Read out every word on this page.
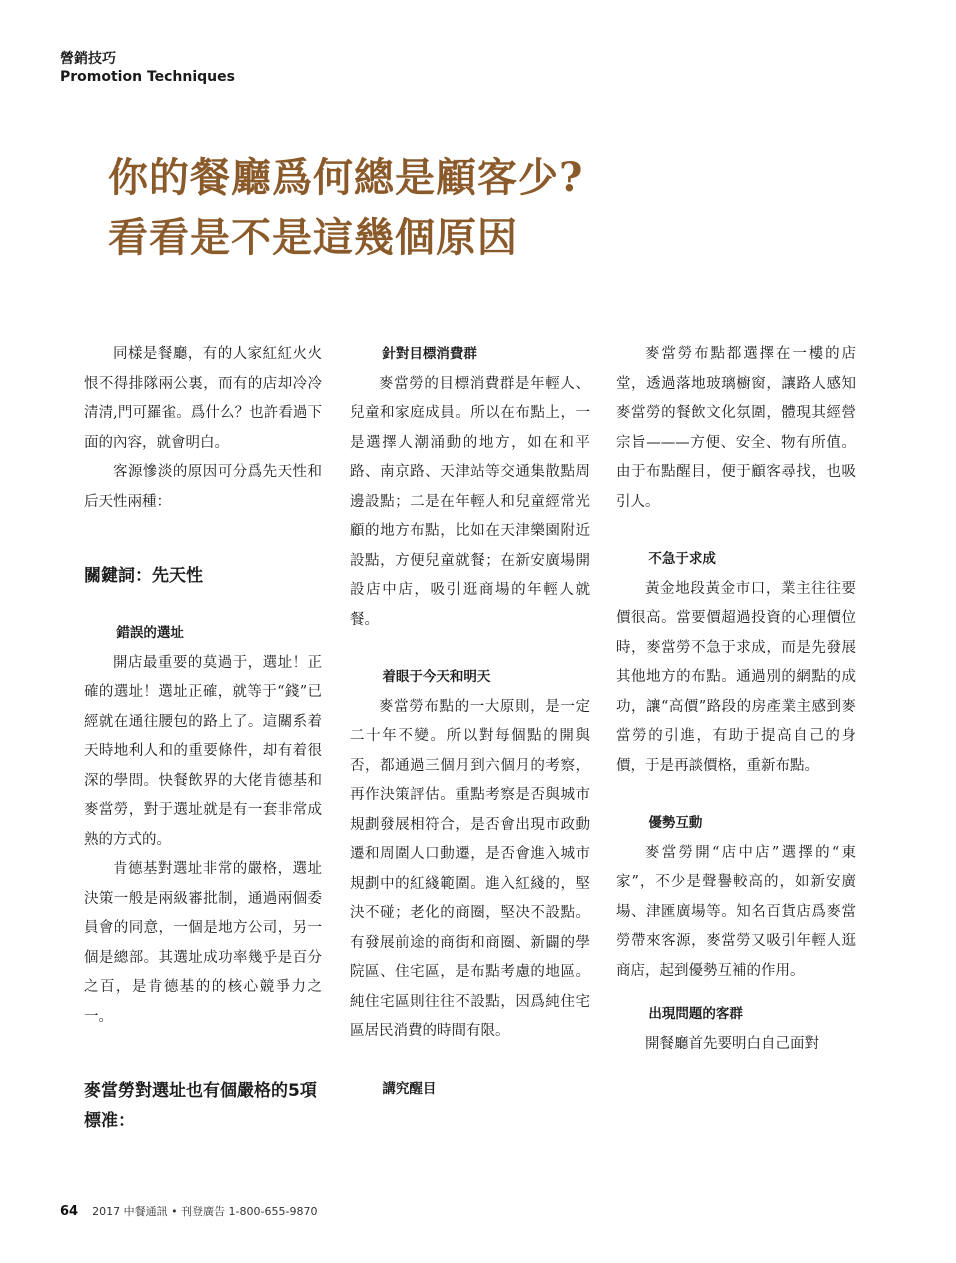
營銷技巧
Promotion Techniques
你的餐廳爲何總是顧客少?
看看是不是這幾個原因

同樣是餐廳，有的人家紅紅火火恨不得排隊兩公裏，而有的店却冷冷清清,門可羅雀。爲什么？也許看過下面的內容，就會明白。

客源慘淡的原因可分爲先天性和后天性兩種：

關鍵詞：先天性
錯誤的選址

開店最重要的莫過于，選址！正確的選址！選址正確，就等于“錢”已經就在通往腰包的路上了。這關系着天時地利人和的重要條件，却有着很深的學問。快餐飲界的大佬肯德基和麥當勞，對于選址就是有一套非常成熟的方式的。

肯德基對選址非常的嚴格，選址決策一般是兩級審批制，通過兩個委員會的同意，一個是地方公司，另一個是總部。其選址成功率幾乎是百分之百，是肯德基的的核心競爭力之一。

麥當勞對選址也有個嚴格的5項標准：
針對目標消費群

麥當勞的目標消費群是年輕人、兒童和家庭成員。所以在布點上，一是選擇人潮涌動的地方，如在和平路、南京路、天津站等交通集散點周邊設點；二是在年輕人和兒童經常光顧的地方布點，比如在天津樂園附近設點，方便兒童就餐；在新安廣場開設店中店，吸引逛商場的年輕人就餐。

着眼于今天和明天

麥當勞布點的一大原則，是一定二十年不變。所以對每個點的開與否，都通過三個月到六個月的考察，再作決策評估。重點考察是否與城市規劃發展相符合，是否會出現市政動遷和周圍人口動遷，是否會進入城市規劃中的紅綫範圍。進入紅綫的，堅決不碰；老化的商圈，堅决不設點。有發展前途的商街和商圈、新闢的學院區、住宅區，是布點考慮的地區。純住宅區則往往不設點，因爲純住宅區居民消費的時間有限。

講究醒目

麥當勞布點都選擇在一樓的店堂，透過落地玻璃櫥窗，讓路人感知麥當勞的餐飲文化氛圍，體現其經營宗旨———方便、安全、物有所值。由于布點醒目，便于顧客尋找，也吸引人。

不急于求成

黃金地段黃金市口，業主往往要價很高。當要價超過投資的心理價位時，麥當勞不急于求成，而是先發展其他地方的布點。通過別的網點的成功，讓“高價”路段的房產業主感到麥當勞的引進，有助于提高自己的身價，于是再談價格，重新布點。

優勢互動

麥當勞開“店中店”選擇的“東家”，不少是聲譽較高的，如新安廣場、津匯廣場等。知名百貨店爲麥當勞帶來客源，麥當勞又吸引年輕人逛商店，起到優勢互補的作用。

出現問題的客群

開餐廳首先要明白自己面對

64 2017 中餐通訊 • 刊登廣告 1-800-655-9870
